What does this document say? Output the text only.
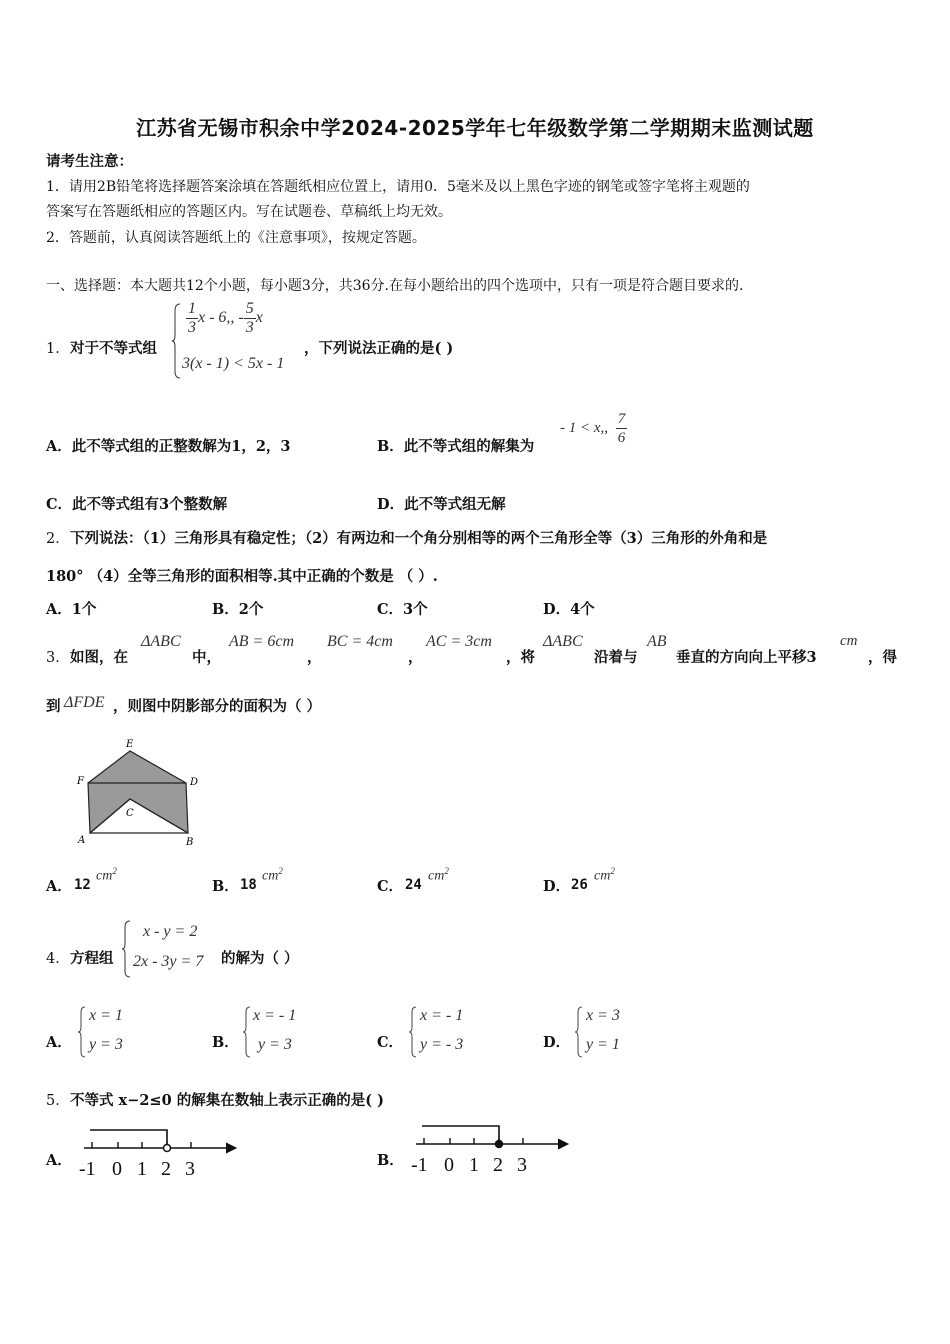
江苏省无锡市积余中学2024-2025学年七年级数学第二学期期末监测试题
请考生注意：
1．请用2B铅笔将选择题答案涂填在答题纸相应位置上，请用0．5毫米及以上黑色字迹的钢笔或签字笔将主观题的
答案写在答题纸相应的答题区内。写在试题卷、草稿纸上均无效。
2．答题前，认真阅读答题纸上的《注意事项》，按规定答题。
一、选择题：本大题共12个小题，每小题3分，共36分.在每小题给出的四个选项中，只有一项是符合题目要求的.
1． 对于不等式组
$\frac{1}{3}$ x - 6,, - $\frac{5}{3}$ x
3(x - 1) < 5x - 1
，下列说法正确的是( )
A．此不等式组的正整数解为1，2，3	B．此不等式组的解集为
- 1 < x,, $\frac{7}{6}$
C．此不等式组有3个整数解	D．此不等式组无解
2． 下列说法：（1）三角形具有稳定性；（2）有两边和一个角分别相等的两个三角形全等（3）三角形的外角和是
180° （4）全等三角形的面积相等.其中正确的个数是 （ ）.
A．1个	B．2个	C．3个	D．4个
3． 如图，在
ΔABC
中，
AB = 6cm
，
BC = 4cm
，
AC = 3cm
，将
ΔABC
沿着与
AB
垂直的方向向上平移3
cm
，得
到 ΔFDE ，则图中阴影部分的面积为（ ）
E
F	D
C
A	B
A． 12
$cm^2$
B． 18
$cm^2$
C． 24
$cm^2$
D． 26
$cm^2$
4． 方程组
x - y = 2
2x - 3y = 7 的解为（ ）
A．
x = 1
y = 3	B．
x = - 1
y = 3	C．
x = - 1
y = - 3	D．
x = 3
y = 1
5． 不等式 x−2≤0 的解集在数轴上表示正确的是( )
A． -1 0 1 2 3	B． -1 0 1 2 3
